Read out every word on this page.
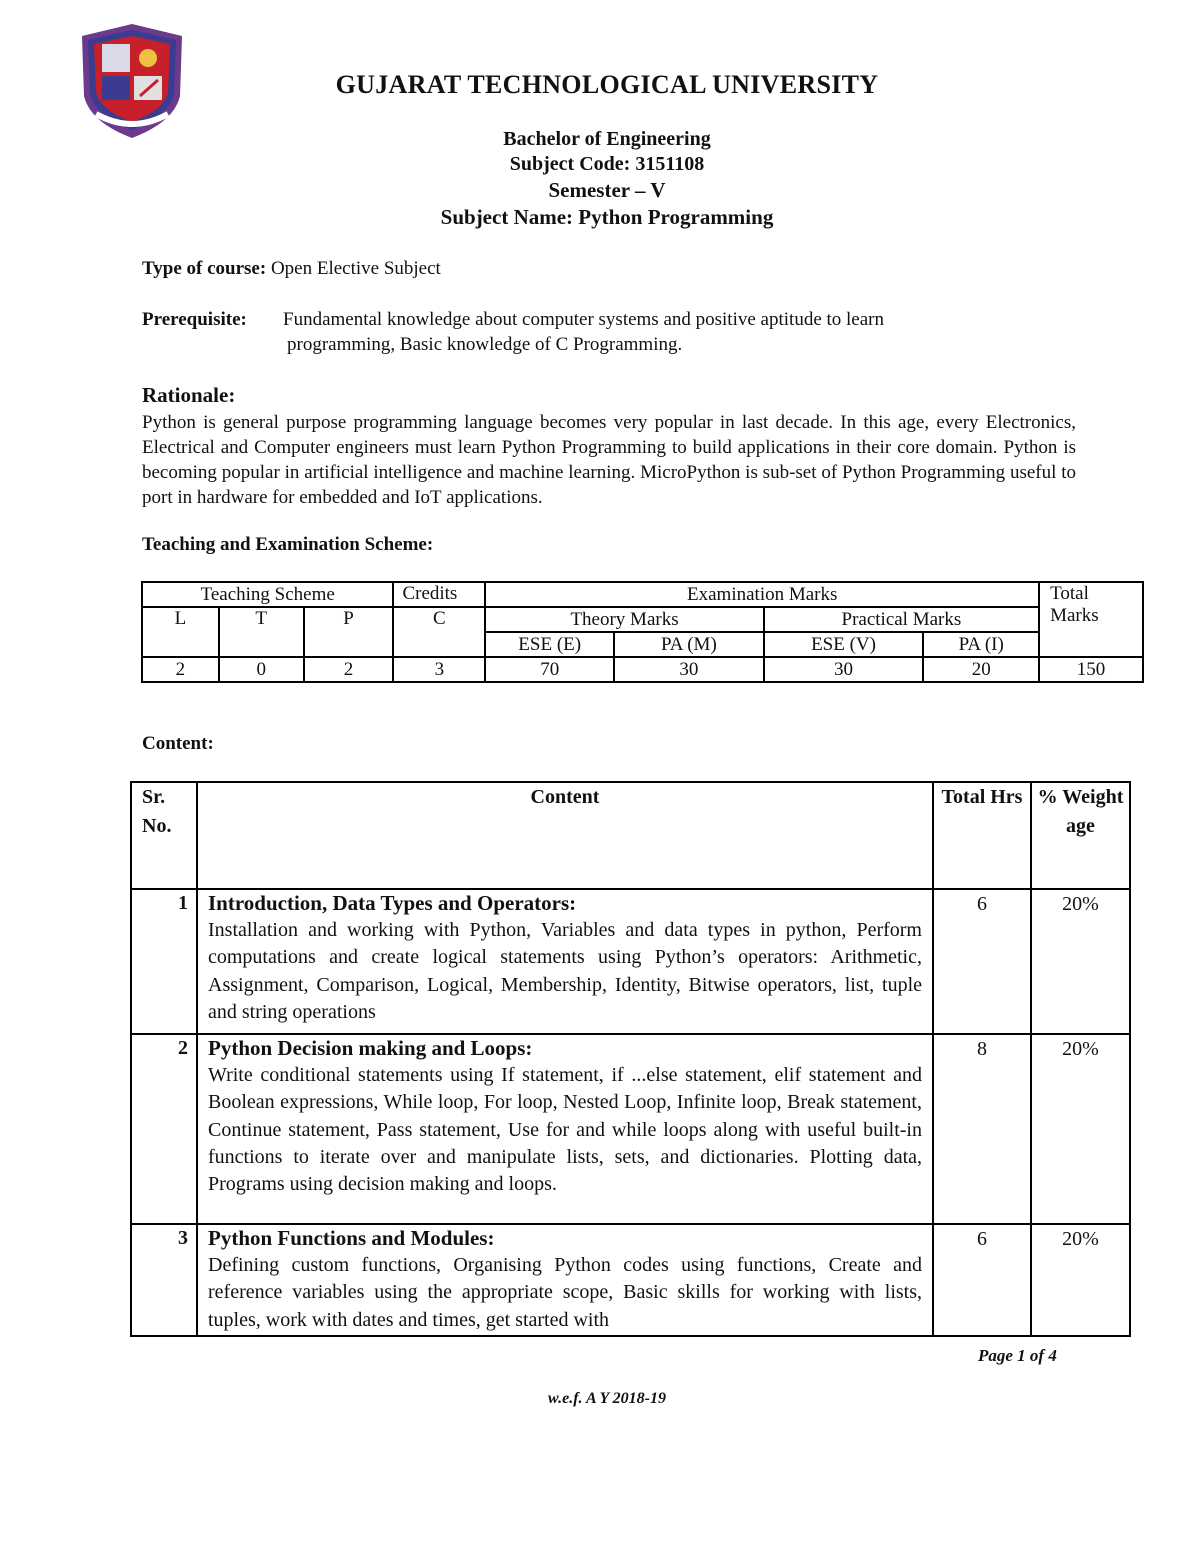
GUJARAT TECHNOLOGICAL UNIVERSITY
Bachelor of Engineering
Subject Code: 3151108
Semester – V
Subject Name: Python Programming
Type of course: Open Elective Subject
Prerequisite: Fundamental knowledge about computer systems and positive aptitude to learn
programming, Basic knowledge of C Programming.
Rationale:
Python is general purpose programming language becomes very popular in last decade. In this age, every Electronics, Electrical and Computer engineers must learn Python Programming to build applications in their core domain. Python is becoming popular in artificial intelligence and machine learning. MicroPython is sub-set of Python Programming useful to port in hardware for embedded and IoT applications.
Teaching and Examination Scheme:
Teaching Scheme			Credits	Examination Marks				Total Marks
L	T	P	C	Theory Marks		Practical Marks		
				ESE (E)	PA (M)	ESE (V)	PA (I)	
2	0	2	3	70	30	30	20	150
Content:
Sr. No.	Content	Total Hrs	% Weight age
1	Introduction, Data Types and Operators:
Installation and working with Python, Variables and data types in python, Perform computations and create logical statements using Python’s operators: Arithmetic, Assignment, Comparison, Logical, Membership, Identity, Bitwise operators, list, tuple and string operations	6	20%
2	Python Decision making and Loops:
Write conditional statements using If statement, if ...else statement, elif statement and Boolean expressions, While loop, For loop, Nested Loop, Infinite loop, Break statement, Continue statement, Pass statement, Use for and while loops along with useful built-in functions to iterate over and manipulate lists, sets, and dictionaries. Plotting data, Programs using decision making and loops.	8	20%
3	Python Functions and Modules:
Defining custom functions, Organising Python codes using functions, Create and reference variables using the appropriate scope, Basic skills for working with lists, tuples, work with dates and times, get started with	6	20%
Page 1 of 4
w.e.f. A Y 2018-19
